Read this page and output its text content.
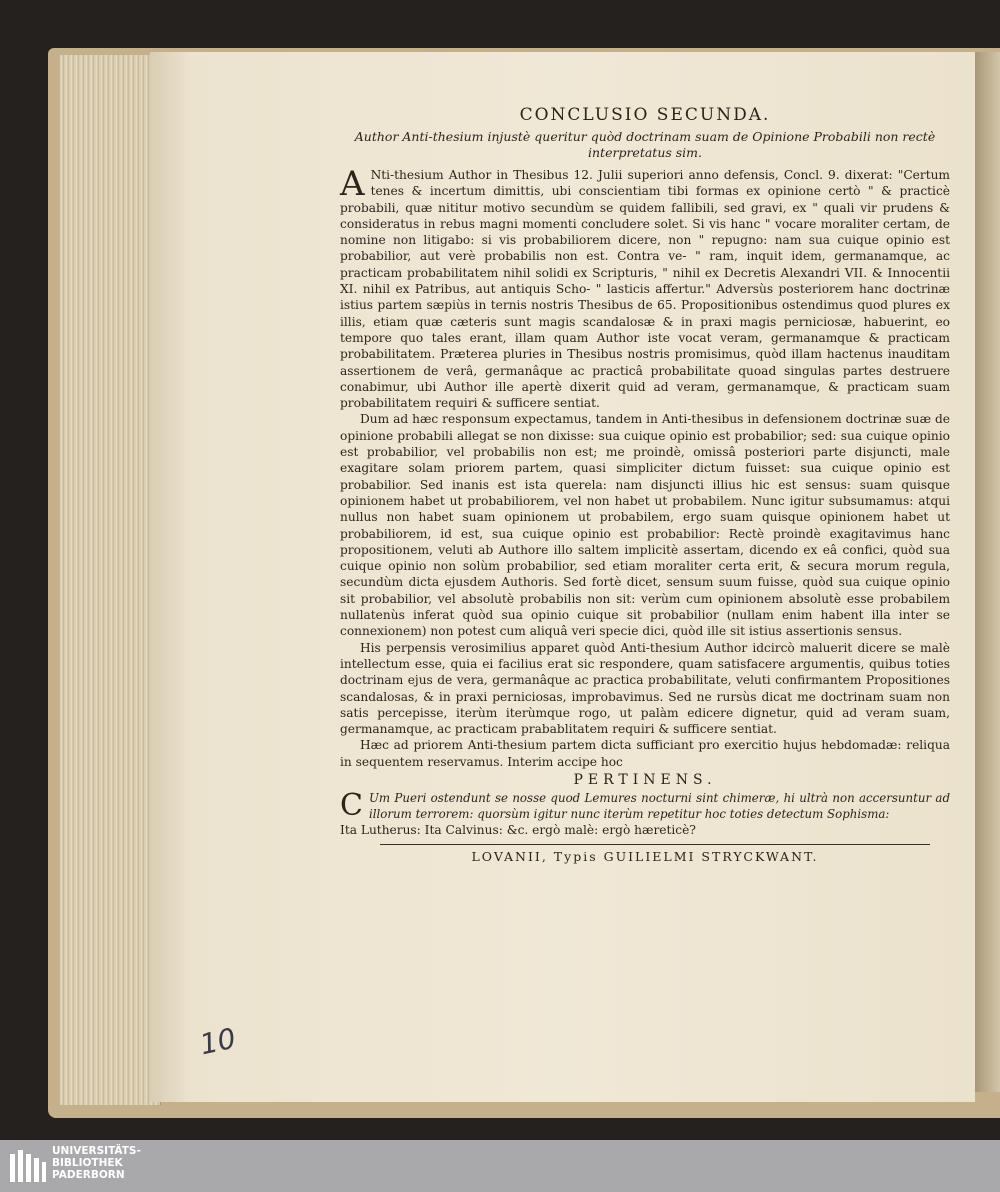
CONCLUSIO SECUNDA.

Author Anti-thesium injustè queritur quòd doctrinam suam de Opinione Probabili non rectè interpretatus sim.

A Nti-thesium Author in Thesibus 12. Julii superiori anno defensis, Concl. 9. dixerat: "Certum tenes & incertum dimittis, ubi conscientiam tibi formas ex opinione certò " & practicè probabili, quæ nititur motivo secundùm se quidem fallibili, sed gravi, ex " quali vir prudens & consideratus in rebus magni momenti concludere solet. Si vis hanc " vocare moraliter certam, de nomine non litigabo: si vis probabiliorem dicere, non " repugno: nam sua cuique opinio est probabilior, aut verè probabilis non est. Contra ve- " ram, inquit idem, germanamque, ac practicam probabilitatem nihil solidi ex Scripturis, " nihil ex Decretis Alexandri VII. & Innocentii XI. nihil ex Patribus, aut antiquis Scho- " lasticis affertur." Adversùs posteriorem hanc doctrinæ istius partem sæpiùs in ternis nostris Thesibus de 65. Propositionibus ostendimus quod plures ex illis, etiam quæ cæteris sunt magis scandalosæ & in praxi magis perniciosæ, habuerint, eo tempore quo tales erant, illam quam Author iste vocat veram, germanamque & practicam probabilitatem. Præterea pluries in Thesibus nostris promisimus, quòd illam hactenus inauditam assertionem de verâ, germanâque ac practicâ probabilitate quoad singulas partes destruere conabimur, ubi Author ille apertè dixerit quid ad veram, germanamque, & practicam suam probabilitatem requiri & sufficere sentiat.

Dum ad hæc responsum expectamus, tandem in Anti-thesibus in defensionem doctrinæ suæ de opinione probabili allegat se non dixisse: sua cuique opinio est probabilior; sed: sua cuique opinio est probabilior, vel probabilis non est; me proindè, omissâ posteriori parte disjuncti, male exagitare solam priorem partem, quasi simpliciter dictum fuisset: sua cuique opinio est probabilior. Sed inanis est ista querela: nam disjuncti illius hic est sensus: suam quisque opinionem habet ut probabiliorem, vel non habet ut probabilem. Nunc igitur subsumamus: atqui nullus non habet suam opinionem ut probabilem, ergo suam quisque opinionem habet ut probabiliorem, id est, sua cuique opinio est probabilior: Rectè proindè exagitavimus hanc propositionem, veluti ab Authore illo saltem implicitè assertam, dicendo ex eâ confici, quòd sua cuique opinio non solùm probabilior, sed etiam moraliter certa erit, & secura morum regula, secundùm dicta ejusdem Authoris. Sed fortè dicet, sensum suum fuisse, quòd sua cuique opinio sit probabilior, vel absolutè probabilis non sit: verùm cum opinionem absolutè esse probabilem nullatenùs inferat quòd sua opinio cuique sit probabilior (nullam enim habent illa inter se connexionem) non potest cum aliquâ veri specie dici, quòd ille sit istius assertionis sensus.

His perpensis verosimilius apparet quòd Anti-thesium Author idcircò maluerit dicere se malè intellectum esse, quia ei facilius erat sic respondere, quam satisfacere argumentis, quibus toties doctrinam ejus de vera, germanâque ac practica probabilitate, veluti confirmantem Propositiones scandalosas, & in praxi perniciosas, improbavimus. Sed ne rursùs dicat me doctrinam suam non satis percepisse, iterùm iterùmque rogo, ut palàm edicere dignetur, quid ad veram suam, germanamque, ac practicam prabablitatem requiri & sufficere sentiat.

Hæc ad priorem Anti-thesium partem dicta sufficiant pro exercitio hujus hebdomadæ: reliqua in sequentem reservamus. Interim accipe hoc

PERTINENS.

C Um Pueri ostendunt se nosse quod Lemures nocturni sint chimeræ, hi ultrà non accersuntur ad illorum terrorem: quorsùm igitur nunc iterùm repetitur hoc toties detectum Sophisma:

Ita Lutherus: Ita Calvinus: &c. ergò malè: ergò hæreticè?

LOVANII, Typis GUILIELMI STRYCKWANT.

10
UNIVERSITÄTS-
BIBLIOTHEK
PADERBORN
